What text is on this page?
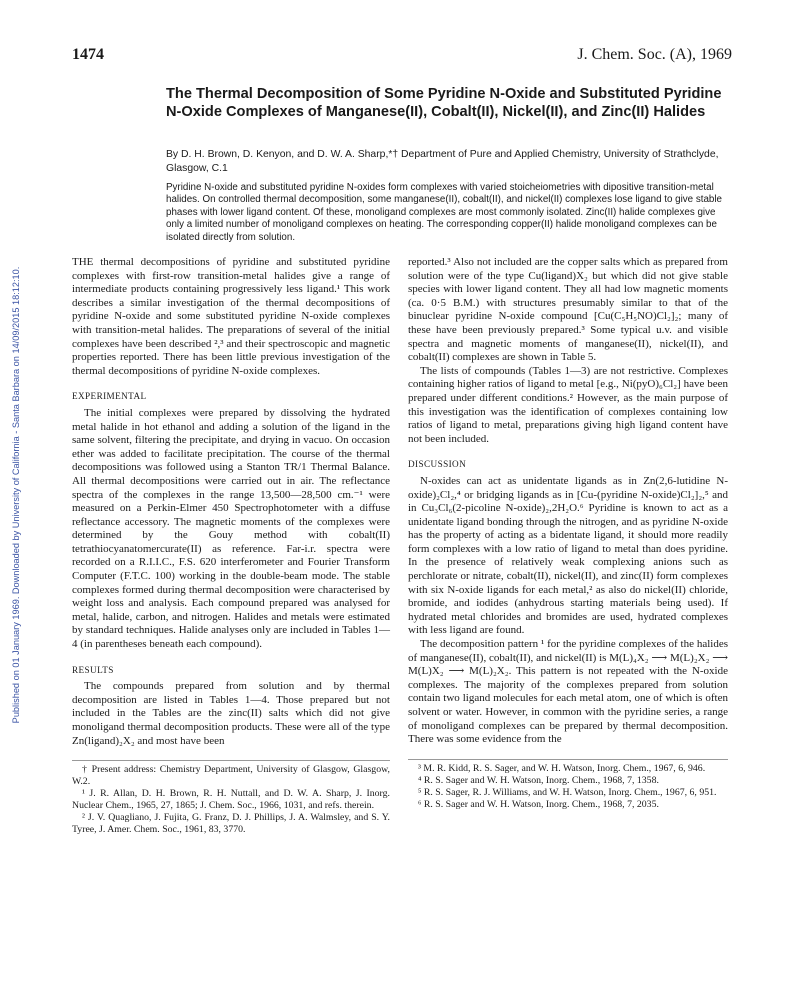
Published on 01 January 1969. Downloaded by University of California - Santa Barbara on 14/09/2015 18:12:10.
1474	J. Chem. Soc. (A), 1969
The Thermal Decomposition of Some Pyridine N-Oxide and Substituted Pyridine N-Oxide Complexes of Manganese(II), Cobalt(II), Nickel(II), and Zinc(II) Halides
By D. H. Brown, D. Kenyon, and D. W. A. Sharp,*† Department of Pure and Applied Chemistry, University of Strathclyde, Glasgow, C.1
Pyridine N-oxide and substituted pyridine N-oxides form complexes with varied stoicheiometries with dipositive transition-metal halides. On controlled thermal decomposition, some manganese(II), cobalt(II), and nickel(II) complexes lose ligand to give stable phases with lower ligand content. Of these, monoligand complexes are most commonly isolated. Zinc(II) halide complexes give only a limited number of monoligand complexes on heating. The corresponding copper(II) halide monoligand complexes can be isolated directly from solution.

THE thermal decompositions of pyridine and substituted pyridine complexes with first-row transition-metal halides give a range of intermediate products containing progressively less ligand.¹ This work describes a similar investigation of the thermal decompositions of pyridine N-oxide and some substituted pyridine N-oxide complexes with transition-metal halides. The preparations of several of the initial complexes have been described ²,³ and their spectroscopic and magnetic properties reported. There has been little previous investigation of the thermal decompositions of pyridine N-oxide complexes.

EXPERIMENTAL

The initial complexes were prepared by dissolving the hydrated metal halide in hot ethanol and adding a solution of the ligand in the same solvent, filtering the precipitate, and drying in vacuo. On occasion ether was added to facilitate precipitation. The course of the thermal decompositions was followed using a Stanton TR/1 Thermal Balance. All thermal decompositions were carried out in air. The reflectance spectra of the complexes in the range 13,500—28,500 cm.⁻¹ were measured on a Perkin-Elmer 450 Spectrophotometer with a diffuse reflectance accessory. The magnetic moments of the complexes were determined by the Gouy method with cobalt(II) tetrathiocyanatomercurate(II) as reference. Far-i.r. spectra were recorded on a R.I.I.C., F.S. 620 interferometer and Fourier Transform Computer (F.T.C. 100) working in the double-beam mode. The stable complexes formed during thermal decomposition were characterised by weight loss and analysis. Each compound prepared was analysed for metal, halide, carbon, and nitrogen. Halides and metals were estimated by standard techniques. Halide analyses only are included in Tables 1—4 (in parentheses beneath each compound).

RESULTS

The compounds prepared from solution and by thermal decomposition are listed in Tables 1—4. Those prepared but not included in the Tables are the zinc(II) salts which did not give monoligand thermal decomposition products. These were all of the type Zn(ligand)₂X₂ and most have been

† Present address: Chemistry Department, University of Glasgow, Glasgow, W.2.

¹ J. R. Allan, D. H. Brown, R. H. Nuttall, and D. W. A. Sharp, J. Inorg. Nuclear Chem., 1965, 27, 1865; J. Chem. Soc., 1966, 1031, and refs. therein.

² J. V. Quagliano, J. Fujita, G. Franz, D. J. Phillips, J. A. Walmsley, and S. Y. Tyree, J. Amer. Chem. Soc., 1961, 83, 3770.

reported.³ Also not included are the copper salts which as prepared from solution were of the type Cu(ligand)X₂ but which did not give stable species with lower ligand content. They all had low magnetic moments (ca. 0·5 B.M.) with structures presumably similar to that of the binuclear pyridine N-oxide compound [Cu(C₅H₅NO)Cl₂]₂; many of these have been previously prepared.³ Some typical u.v. and visible spectra and magnetic moments of manganese(II), nickel(II), and cobalt(II) complexes are shown in Table 5.

The lists of compounds (Tables 1—3) are not restrictive. Complexes containing higher ratios of ligand to metal [e.g., Ni(pyO)₆Cl₂] have been prepared under different conditions.² However, as the main purpose of this investigation was the identification of complexes containing low ratios of ligand to metal, preparations giving high ligand content have not been included.

DISCUSSION

N-oxides can act as unidentate ligands as in Zn(2,6-lutidine N-oxide)₂Cl₂,⁴ or bridging ligands as in [Cu-(pyridine N-oxide)Cl₂]₂,⁵ and in Cu₃Cl₆(2-picoline N-oxide)₂,2H₂O.⁶ Pyridine is known to act as a unidentate ligand bonding through the nitrogen, and as pyridine N-oxide has the property of acting as a bidentate ligand, it should more readily form complexes with a low ratio of ligand to metal than does pyridine. In the presence of relatively weak complexing anions such as perchlorate or nitrate, cobalt(II), nickel(II), and zinc(II) form complexes with six N-oxide ligands for each metal,² as also do nickel(II) chloride, bromide, and iodides (anhydrous starting materials being used). If hydrated metal chlorides and bromides are used, hydrated complexes with less ligand are found.

The decomposition pattern ¹ for the pyridine complexes of the halides of manganese(II), cobalt(II), and nickel(II) is M(L)₄X₂ ⟶ M(L)₂X₂ ⟶ M(L)X₂ ⟶ M(L)₂X₂. This pattern is not repeated with the N-oxide complexes. The majority of the complexes prepared from solution contain two ligand molecules for each metal atom, one of which is often solvent or water. However, in common with the pyridine series, a range of monoligand complexes can be prepared by thermal decomposition. There was some evidence from the

³ M. R. Kidd, R. S. Sager, and W. H. Watson, Inorg. Chem., 1967, 6, 946.

⁴ R. S. Sager and W. H. Watson, Inorg. Chem., 1968, 7, 1358.

⁵ R. S. Sager, R. J. Williams, and W. H. Watson, Inorg. Chem., 1967, 6, 951.

⁶ R. S. Sager and W. H. Watson, Inorg. Chem., 1968, 7, 2035.
